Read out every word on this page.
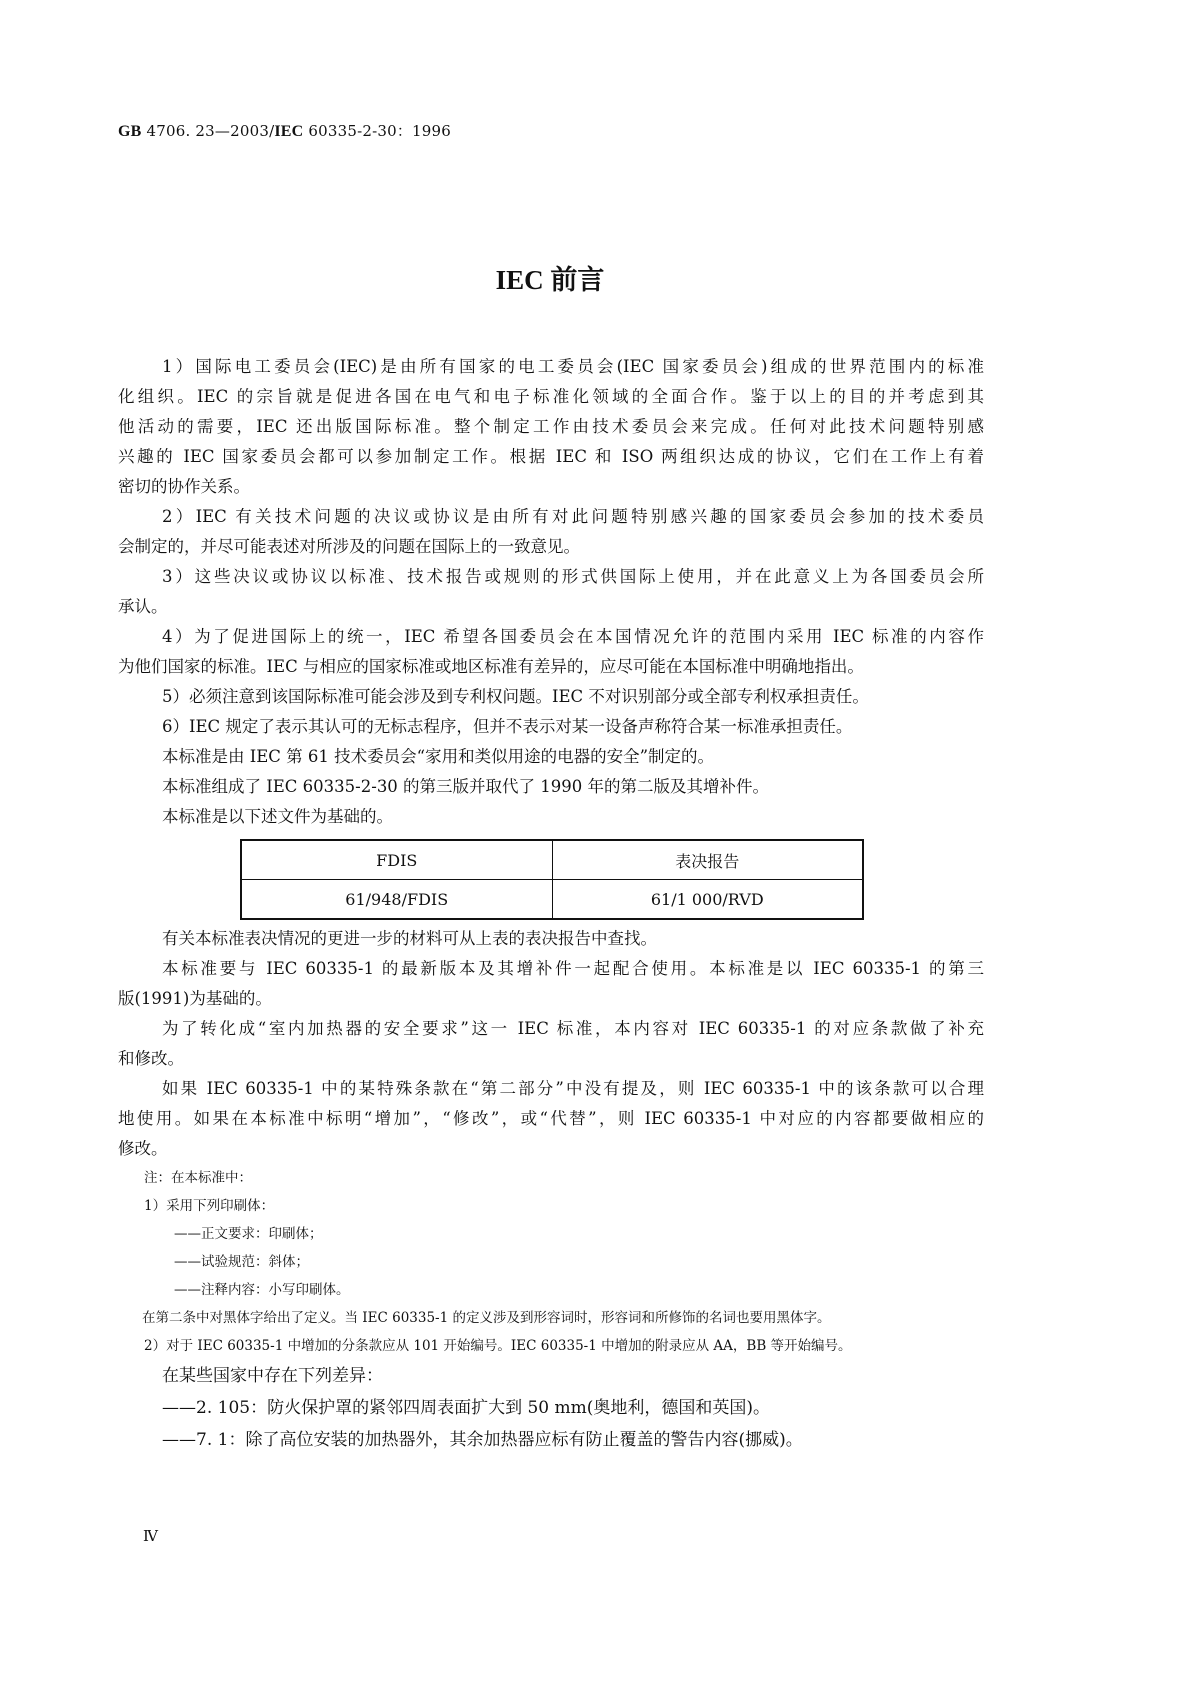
GB 4706. 23—2003/IEC 60335-2-30：1996
IEC 前言
1）国际电工委员会(IEC)是由所有国家的电工委员会(IEC 国家委员会)组成的世界范围内的标准
化组织。IEC 的宗旨就是促进各国在电气和电子标准化领域的全面合作。鉴于以上的目的并考虑到其
他活动的需要，IEC 还出版国际标准。整个制定工作由技术委员会来完成。任何对此技术问题特别感
兴趣的 IEC 国家委员会都可以参加制定工作。根据 IEC 和 ISO 两组织达成的协议，它们在工作上有着
密切的协作关系。
2）IEC 有关技术问题的决议或协议是由所有对此问题特别感兴趣的国家委员会参加的技术委员
会制定的，并尽可能表述对所涉及的问题在国际上的一致意见。
3）这些决议或协议以标准、技术报告或规则的形式供国际上使用，并在此意义上为各国委员会所
承认。
4）为了促进国际上的统一，IEC 希望各国委员会在本国情况允许的范围内采用 IEC 标准的内容作
为他们国家的标准。IEC 与相应的国家标准或地区标准有差异的，应尽可能在本国标准中明确地指出。
5）必须注意到该国际标准可能会涉及到专利权问题。IEC 不对识别部分或全部专利权承担责任。
6）IEC 规定了表示其认可的无标志程序，但并不表示对某一设备声称符合某一标准承担责任。
本标准是由 IEC 第 61 技术委员会“家用和类似用途的电器的安全”制定的。
本标准组成了 IEC 60335-2-30 的第三版并取代了 1990 年的第二版及其增补件。
本标准是以下述文件为基础的。
FDIS	表决报告
61/948/FDIS	61/1 000/RVD
有关本标准表决情况的更进一步的材料可从上表的表决报告中查找。
本标准要与 IEC 60335-1 的最新版本及其增补件一起配合使用。本标准是以 IEC 60335-1 的第三
版(1991)为基础的。
为了转化成“室内加热器的安全要求”这一 IEC 标准，本内容对 IEC 60335-1 的对应条款做了补充
和修改。
如果 IEC 60335-1 中的某特殊条款在“第二部分”中没有提及，则 IEC 60335-1 中的该条款可以合理
地使用。如果在本标准中标明“增加”，“修改”，或“代替”，则 IEC 60335-1 中对应的内容都要做相应的
修改。
注：在本标准中：
1）采用下列印刷体：
——正文要求：印刷体；
——试验规范：斜体；
——注释内容：小写印刷体。
在第二条中对黑体字给出了定义。当 IEC 60335-1 的定义涉及到形容词时，形容词和所修饰的名词也要用黑体字。
2）对于 IEC 60335-1 中增加的分条款应从 101 开始编号。IEC 60335-1 中增加的附录应从 AA，BB 等开始编号。
在某些国家中存在下列差异：
——2. 105：防火保护罩的紧邻四周表面扩大到 50 mm(奥地利，德国和英国)。
——7. 1：除了高位安装的加热器外，其余加热器应标有防止覆盖的警告内容(挪威)。
Ⅳ
